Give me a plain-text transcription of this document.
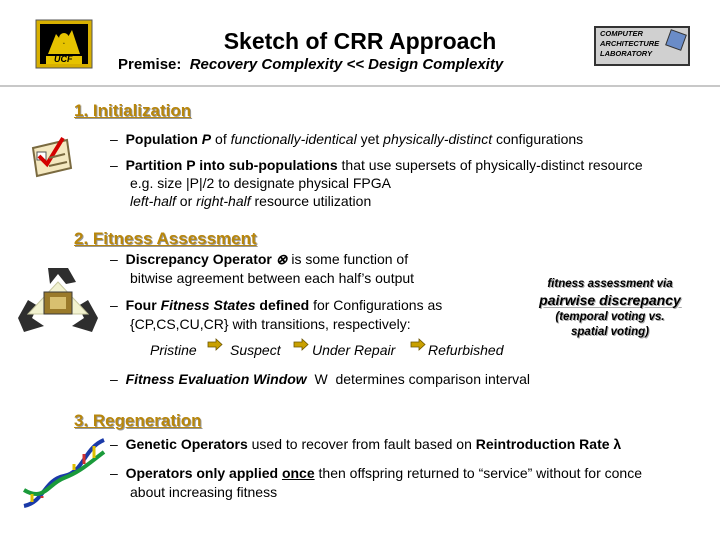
UCF
COMPUTER
ARCHITECTURE
LABORATORY
Sketch of CRR Approach
Premise: Recovery Complexity << Design Complexity
1. Initialization
– Population P of functionally-identical yet physically-distinct configurations
– Partition P into sub-populations that use supersets of physically-distinct resource
e.g. size |P|/2 to designate physical FPGA
left-half or right-half resource utilization
2. Fitness Assessment
– Discrepancy Operator ⊗ is some function of
bitwise agreement between each half’s output
– Four Fitness States defined for Configurations as
{CP,CS,CU,CR} with transitions, respectively:
Pristine Suspect Under Repair Refurbished
fitness assessment via
pairwise discrepancy
(temporal voting vs.
spatial voting)
– Fitness Evaluation Window W  determines comparison interval
3. Regeneration
– Genetic Operators used to recover from fault based on Reintroduction Rate λ
– Operators only applied once then offspring returned to “service” without for conce
about increasing fitness
